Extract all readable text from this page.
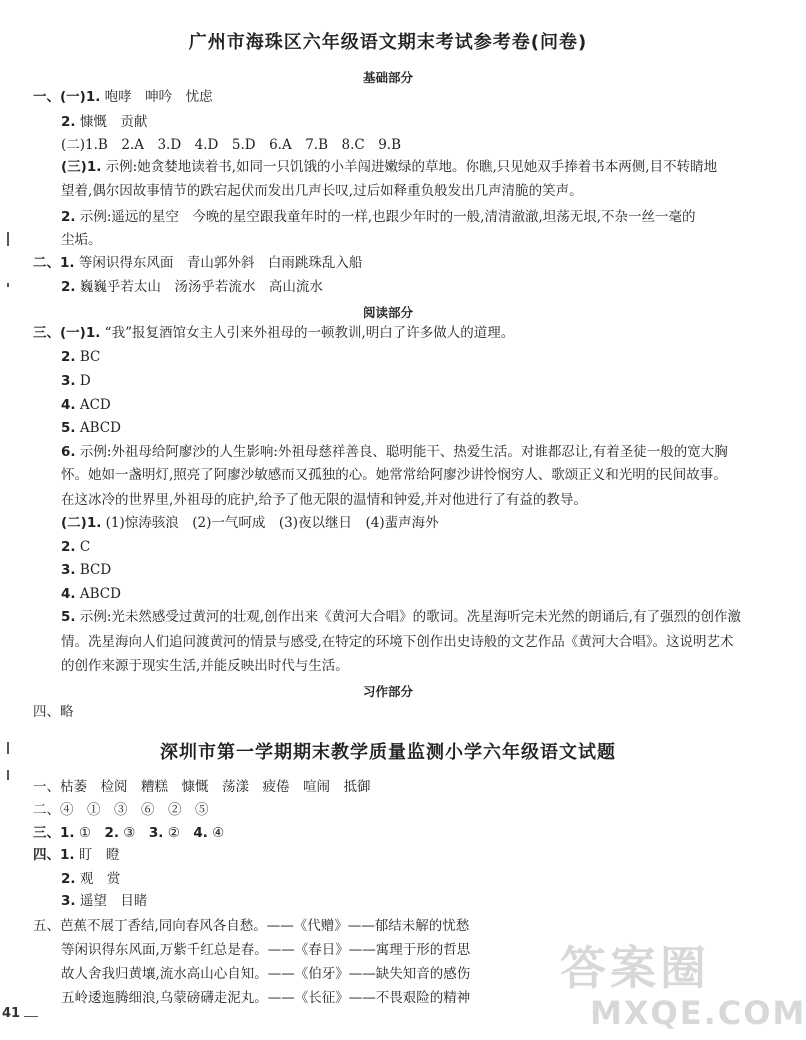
广州市海珠区六年级语文期末考试参考卷(问卷)
基础部分
一、(一)1. 咆哮　呻吟　忧虑
2. 慷慨　贡献
(二)1.B　2.A　3.D　4.D　5.D　6.A　7.B　8.C　9.B
(三)1. 示例:她贪婪地读着书,如同一只饥饿的小羊闯进嫩绿的草地。你瞧,只见她双手捧着书本两侧,目不转睛地
望着,偶尔因故事情节的跌宕起伏而发出几声长叹,过后如释重负般发出几声清脆的笑声。
2. 示例:遥远的星空　今晚的星空跟我童年时的一样,也跟少年时的一般,清清澈澈,坦荡无垠,不杂一丝一毫的
尘垢。
二、1. 等闲识得东风面　青山郭外斜　白雨跳珠乱入船
2. 巍巍乎若太山　汤汤乎若流水　高山流水
阅读部分
三、(一)1. “我”报复酒馆女主人引来外祖母的一顿教训,明白了许多做人的道理。
2. BC
3. D
4. ACD
5. ABCD
6. 示例:外祖母给阿廖沙的人生影响:外祖母慈祥善良、聪明能干、热爱生活。对谁都忍让,有着圣徒一般的宽大胸
怀。她如一盏明灯,照亮了阿廖沙敏感而又孤独的心。她常常给阿廖沙讲怜悯穷人、歌颂正义和光明的民间故事。
在这冰冷的世界里,外祖母的庇护,给予了他无限的温情和钟爱,并对他进行了有益的教导。
(二)1. (1)惊涛骇浪　(2)一气呵成　(3)夜以继日　(4)蜚声海外
2. C
3. BCD
4. ABCD
5. 示例:光未然感受过黄河的壮观,创作出来《黄河大合唱》的歌词。冼星海听完未光然的朗诵后,有了强烈的创作激
情。冼星海向人们追问渡黄河的情景与感受,在特定的环境下创作出史诗般的文艺作品《黄河大合唱》。这说明艺术
的创作来源于现实生活,并能反映出时代与生活。
习作部分
四、略
深圳市第一学期期末教学质量监测小学六年级语文试题
一、枯萎　检阅　糟糕　慷慨　荡漾　疲倦　喧闹　抵御
二、④　①　③　⑥　②　⑤
三、1. ①　2. ③　3. ②　4. ④
四、1. 盯　瞪
2. 观　赏
3. 遥望　目睹
五、芭蕉不展丁香结,同向春风各自愁。——《代赠》——郁结未解的忧愁
等闲识得东风面,万紫千红总是春。——《春日》——寓理于形的哲思
故人舍我归黄壤,流水高山心自知。——《伯牙》——缺失知音的感伤
五岭逶迤腾细浪,乌蒙磅礴走泥丸。——《长征》——不畏艰险的精神
41
答案圈
MXQE.COM
